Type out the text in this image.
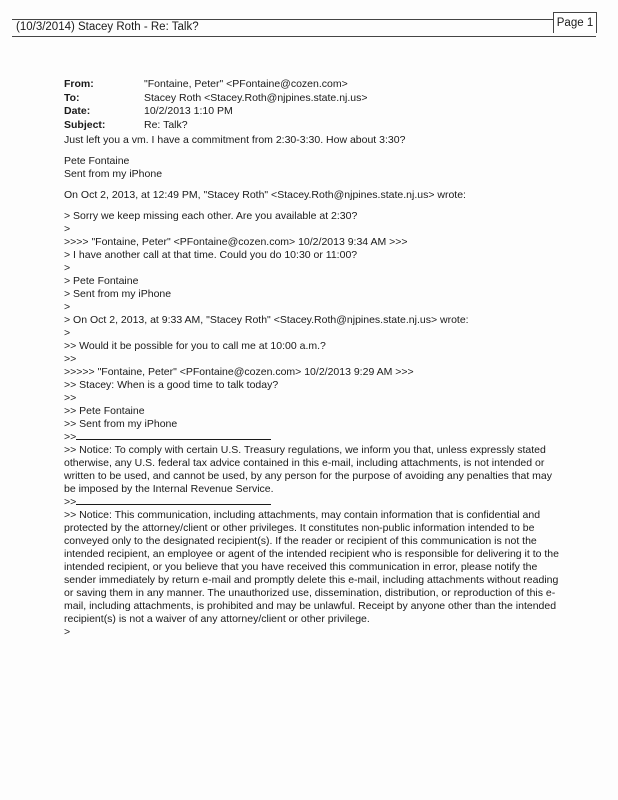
(10/3/2014) Stacey Roth - Re: Talk?	Page 1
From:	"Fontaine, Peter" <PFontaine@cozen.com>
To:	Stacey Roth <Stacey.Roth@njpines.state.nj.us>
Date:	10/2/2013 1:10 PM
Subject:	Re: Talk?
Just left you a vm. I have a commitment from 2:30-3:30. How about 3:30?
Pete Fontaine
Sent from my iPhone
On Oct 2, 2013, at 12:49 PM, "Stacey Roth" <Stacey.Roth@njpines.state.nj.us> wrote:
> Sorry we keep missing each other. Are you available at 2:30?
>
>>>> "Fontaine, Peter" <PFontaine@cozen.com> 10/2/2013 9:34 AM >>>
> I have another call at that time. Could you do 10:30 or 11:00?
>
> Pete Fontaine
> Sent from my iPhone
>
> On Oct 2, 2013, at 9:33 AM, "Stacey Roth" <Stacey.Roth@njpines.state.nj.us> wrote:
>
>> Would it be possible for you to call me at 10:00 a.m.?
>>
>>>>> "Fontaine, Peter" <PFontaine@cozen.com> 10/2/2013 9:29 AM >>>
>> Stacey: When is a good time to talk today?
>>
>> Pete Fontaine
>> Sent from my iPhone
>>
>> Notice: To comply with certain U.S. Treasury regulations, we inform you that, unless expressly stated otherwise, any U.S. federal tax advice contained in this e-mail, including attachments, is not intended or written to be used, and cannot be used, by any person for the purpose of avoiding any penalties that may be imposed by the Internal Revenue Service.
>>
>> Notice: This communication, including attachments, may contain information that is confidential and protected by the attorney/client or other privileges. It constitutes non-public information intended to be conveyed only to the designated recipient(s). If the reader or recipient of this communication is not the intended recipient, an employee or agent of the intended recipient who is responsible for delivering it to the intended recipient, or you believe that you have received this communication in error, please notify the sender immediately by return e-mail and promptly delete this e-mail, including attachments without reading or saving them in any manner. The unauthorized use, dissemination, distribution, or reproduction of this e-mail, including attachments, is prohibited and may be unlawful. Receipt by anyone other than the intended recipient(s) is not a waiver of any attorney/client or other privilege.
>
